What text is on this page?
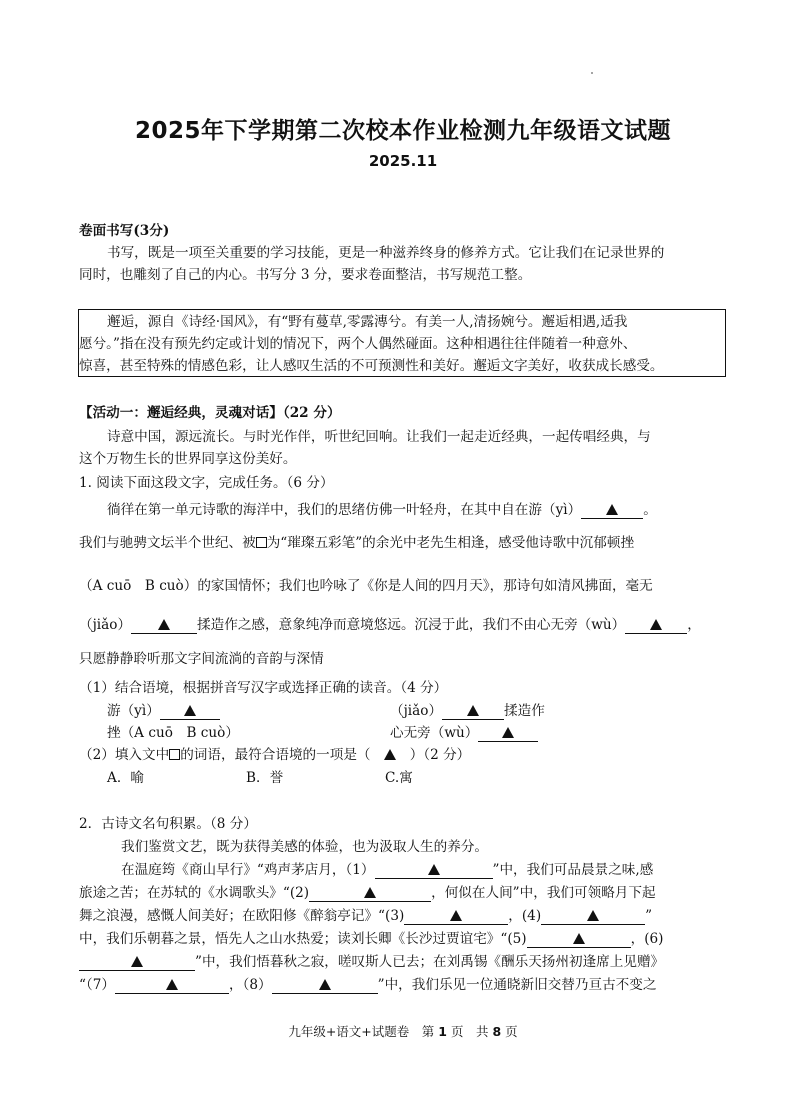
2025年下学期第二次校本作业检测九年级语文试题
2025.11
卷面书写(3分)
书写，既是一项至关重要的学习技能，更是一种滋养终身的修养方式。它让我们在记录世界的
同时，也雕刻了自己的内心。书写分 3 分，要求卷面整洁，书写规范工整。
邂逅，源自《诗经·国风》，有“野有蔓草,零露漙兮。有美一人,清扬婉兮。邂逅相遇,适我
愿兮。”指在没有预先约定或计划的情况下，两个人偶然碰面。这种相遇往往伴随着一种意外、
惊喜，甚至特殊的情感色彩，让人感叹生活的不可预测性和美好。邂逅文字美好，收获成长感受。
【活动一：邂逅经典，灵魂对话】（22 分）
诗意中国，源远流长。与时光作伴，听世纪回响。让我们一起走近经典，一起传唱经典，与
这个万物生长的世界同享这份美好。
1. 阅读下面这段文字，完成任务。（6 分）
徜徉在第一单元诗歌的海洋中，我们的思绪仿佛一叶轻舟，在其中自在游（yì）	。
我们与驰骋文坛半个世纪、被 为“璀璨五彩笔”的余光中老先生相逢，感受他诗歌中沉郁顿挫
（A cuō　B cuò）的家国情怀；我们也吟咏了《你是人间的四月天》，那诗句如清风拂面，毫无
（jiǎo）	揉造作之感，意象纯净而意境悠远。沉浸于此，我们不由心无旁（wù）	，
只愿静静聆听那文字间流淌的音韵与深情
（1）结合语境，根据拼音写汉字或选择正确的读音。（4 分）
游（yì）	（jiǎo）	揉造作
挫（A cuō　B cuò）	心无旁（wù）
（2）填入文中 的词语，最符合语境的一项是（  	）（2 分）
A．喻	B．誉	C.寓
2．古诗文名句积累。（8 分）
我们鉴赏文艺，既为获得美感的体验，也为汲取人生的养分。
在温庭筠《商山早行》“鸡声茅店月，（1）	”中，我们可品晨景之味,感
旅途之苦；在苏轼的《水调歌头》“(2)	，何似在人间”中，我们可领略月下起
舞之浪漫，感慨人间美好；在欧阳修《醉翁亭记》“(3)	，(4)	”
中，我们乐朝暮之景，悟先人之山水热爱；读刘长卿《长沙过贾谊宅》“(5)	，(6)
”中，我们悟暮秋之寂，嗟叹斯人已去；在刘禹锡《酬乐天扬州初逢席上见赠》
“（7）	，（8）	”中，我们乐见一位通晓新旧交替乃亘古不变之
九年级+语文+试题卷　第 1 页　共 8 页
